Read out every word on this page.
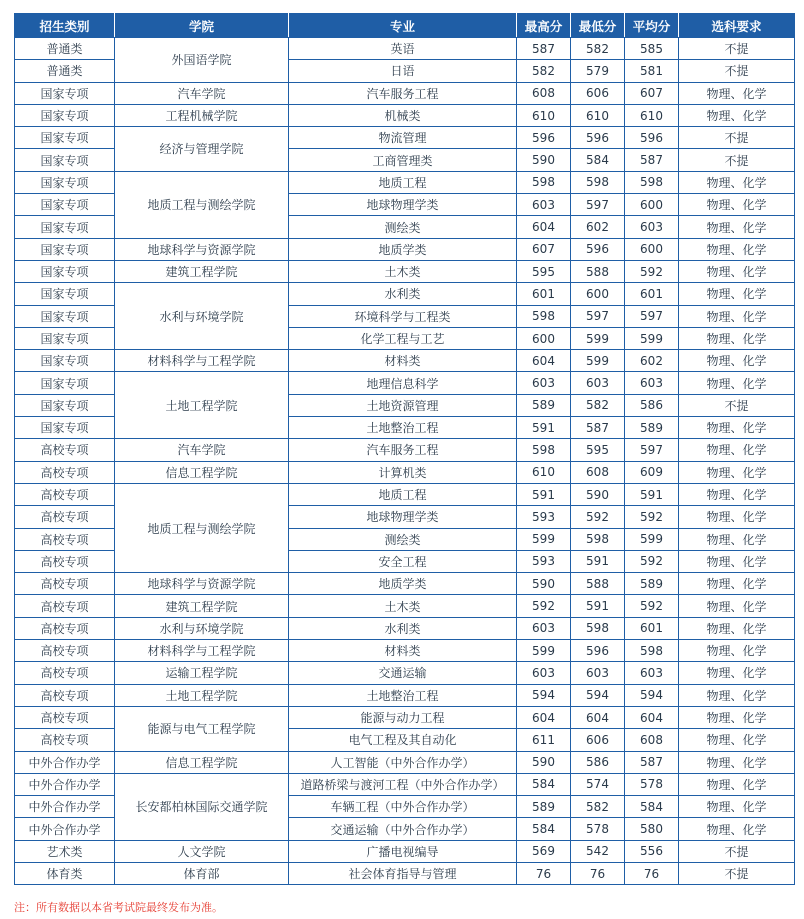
招生类别	学院	专业	最高分	最低分	平均分	选科要求
普通类	外国语学院	英语	587	582	585	不提
普通类		日语	582	579	581	不提
国家专项	汽车学院	汽车服务工程	608	606	607	物理、化学
国家专项	工程机械学院	机械类	610	610	610	物理、化学
国家专项	经济与管理学院	物流管理	596	596	596	不提
国家专项		工商管理类	590	584	587	不提
国家专项	地质工程与测绘学院	地质工程	598	598	598	物理、化学
国家专项		地球物理学类	603	597	600	物理、化学
国家专项		测绘类	604	602	603	物理、化学
国家专项	地球科学与资源学院	地质学类	607	596	600	物理、化学
国家专项	建筑工程学院	土木类	595	588	592	物理、化学
国家专项	水利与环境学院	水利类	601	600	601	物理、化学
国家专项		环境科学与工程类	598	597	597	物理、化学
国家专项		化学工程与工艺	600	599	599	物理、化学
国家专项	材料科学与工程学院	材料类	604	599	602	物理、化学
国家专项	土地工程学院	地理信息科学	603	603	603	物理、化学
国家专项		土地资源管理	589	582	586	不提
国家专项		土地整治工程	591	587	589	物理、化学
高校专项	汽车学院	汽车服务工程	598	595	597	物理、化学
高校专项	信息工程学院	计算机类	610	608	609	物理、化学
高校专项	地质工程与测绘学院	地质工程	591	590	591	物理、化学
高校专项		地球物理学类	593	592	592	物理、化学
高校专项		测绘类	599	598	599	物理、化学
高校专项		安全工程	593	591	592	物理、化学
高校专项	地球科学与资源学院	地质学类	590	588	589	物理、化学
高校专项	建筑工程学院	土木类	592	591	592	物理、化学
高校专项	水利与环境学院	水利类	603	598	601	物理、化学
高校专项	材料科学与工程学院	材料类	599	596	598	物理、化学
高校专项	运输工程学院	交通运输	603	603	603	物理、化学
高校专项	土地工程学院	土地整治工程	594	594	594	物理、化学
高校专项	能源与电气工程学院	能源与动力工程	604	604	604	物理、化学
高校专项		电气工程及其自动化	611	606	608	物理、化学
中外合作办学	信息工程学院	人工智能（中外合作办学）	590	586	587	物理、化学
中外合作办学	长安都柏林国际交通学院	道路桥梁与渡河工程（中外合作办学）	584	574	578	物理、化学
中外合作办学		车辆工程（中外合作办学）	589	582	584	物理、化学
中外合作办学		交通运输（中外合作办学）	584	578	580	物理、化学
艺术类	人文学院	广播电视编导	569	542	556	不提
体育类	体育部	社会体育指导与管理	76	76	76	不提
注：所有数据以本省考试院最终发布为准。
